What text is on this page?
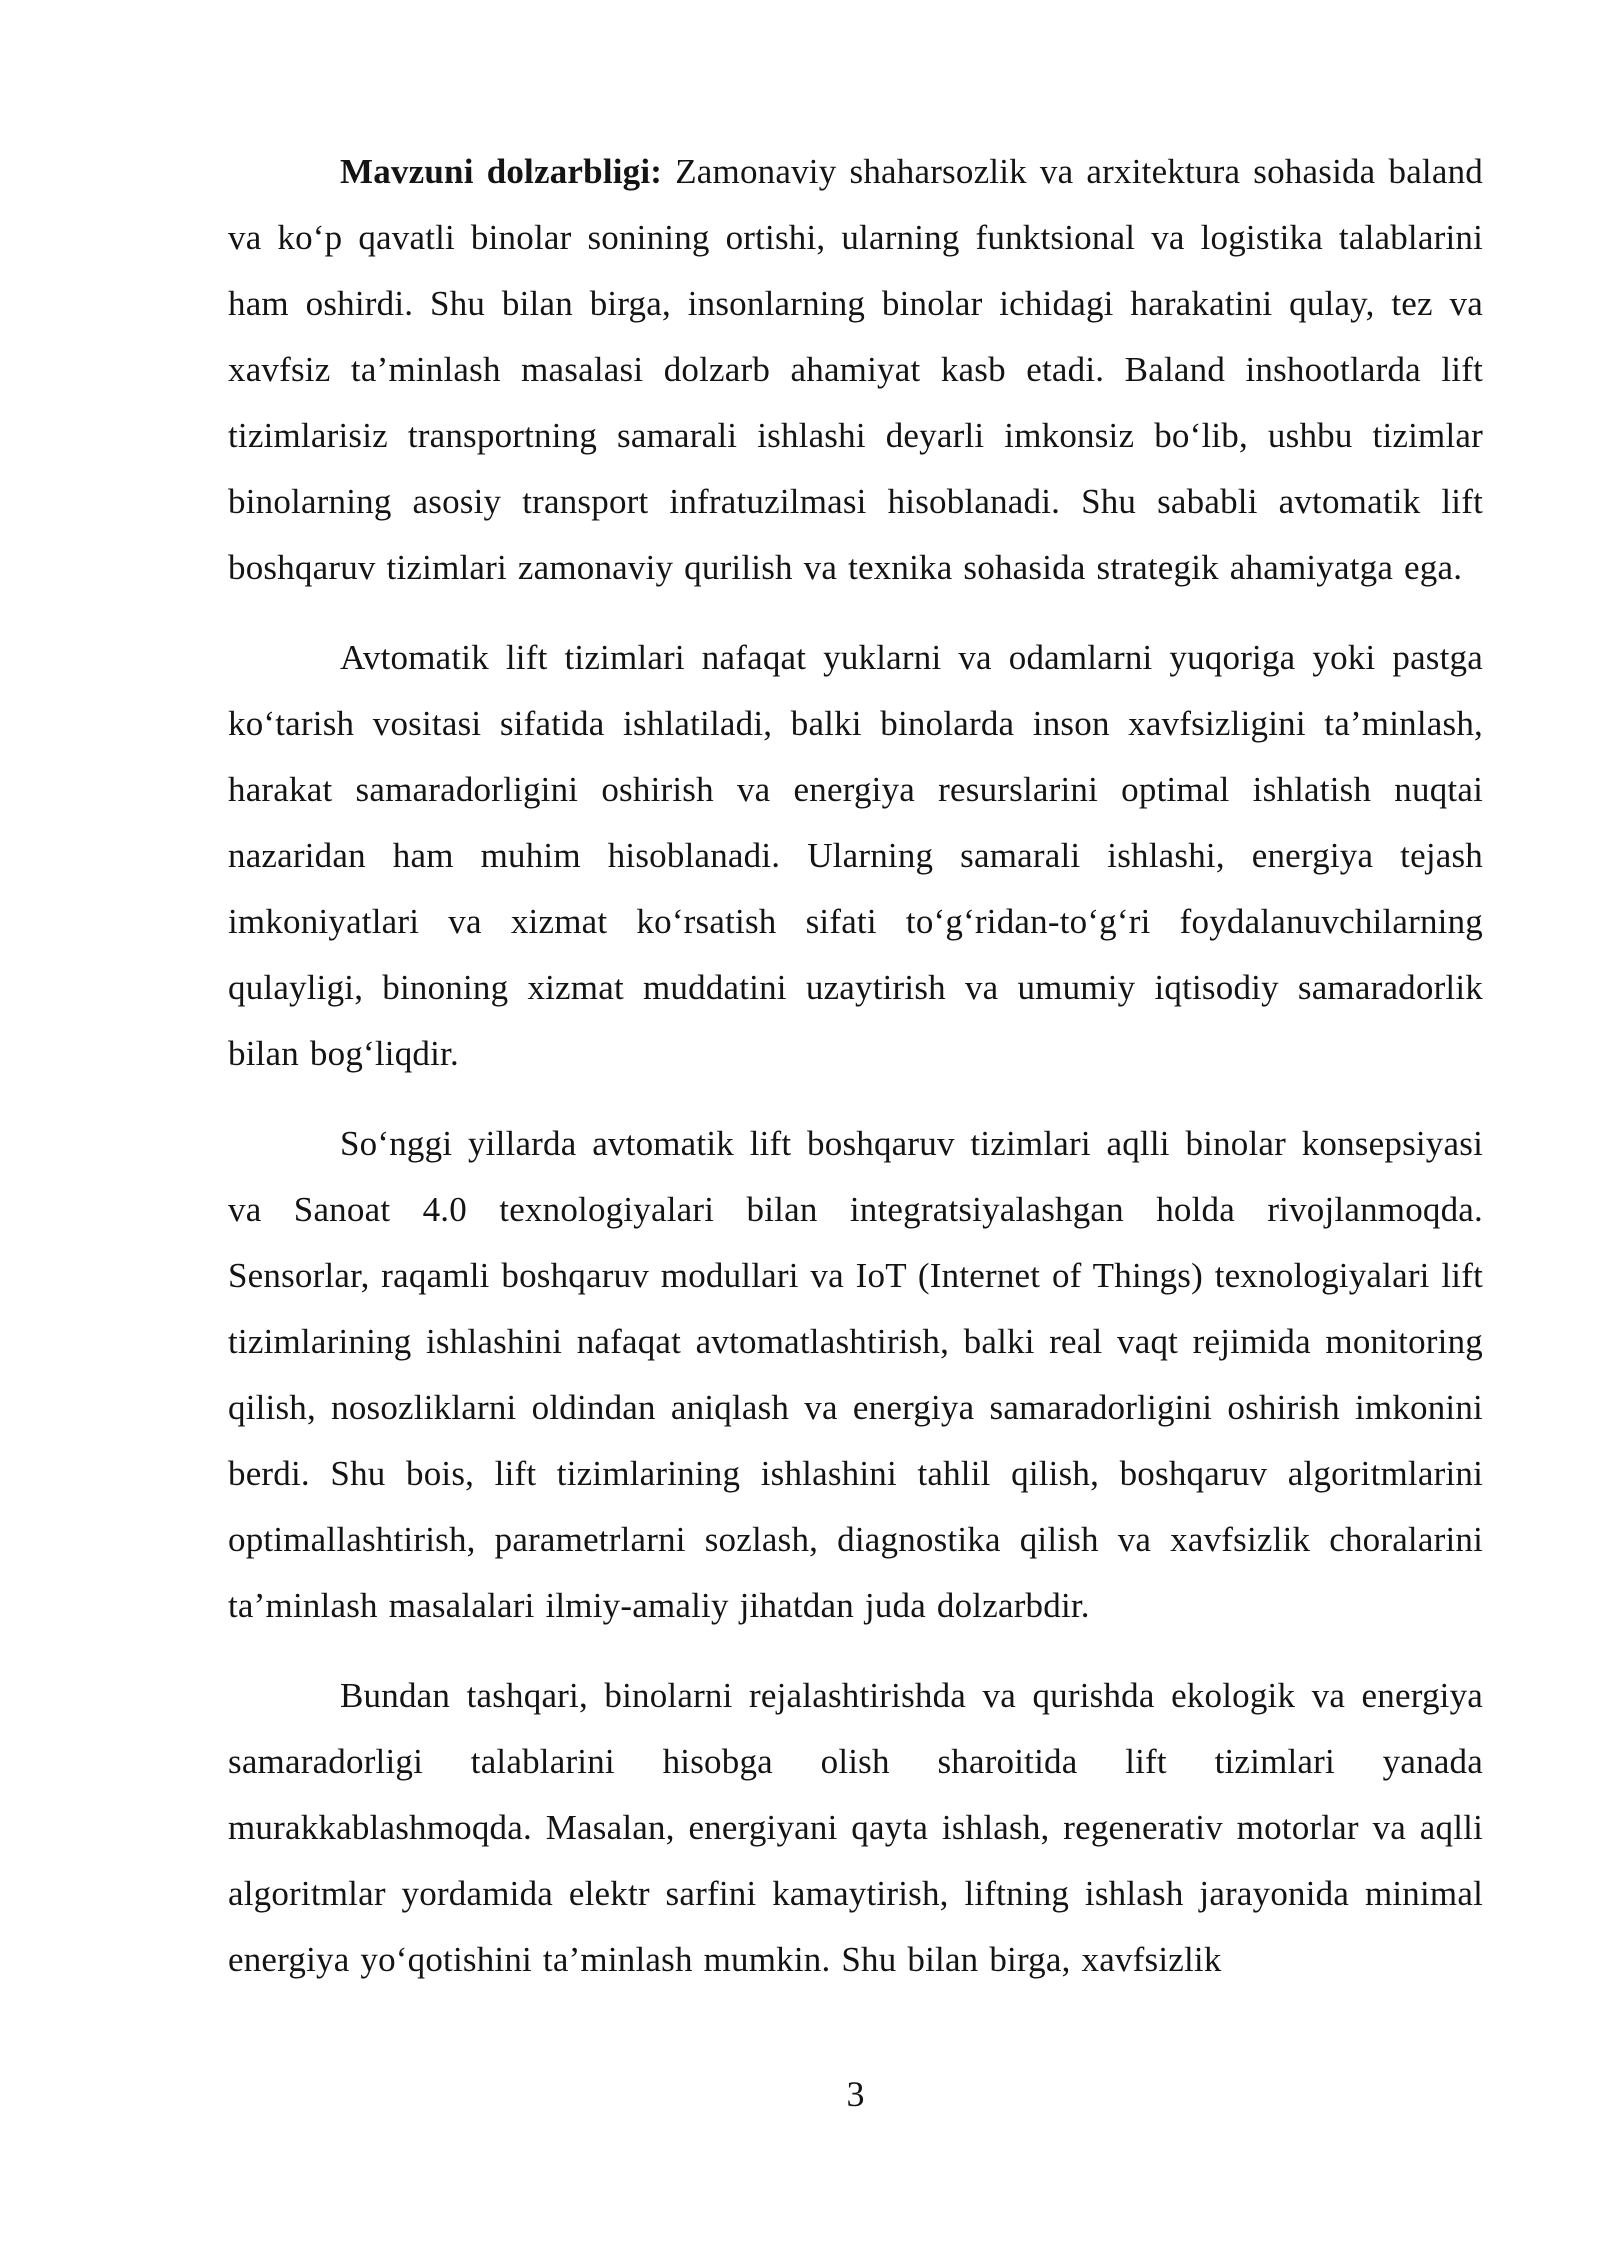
Mavzuni dolzarbligi: Zamonaviy shaharsozlik va arxitektura sohasida baland va ko‘p qavatli binolar sonining ortishi, ularning funktsional va logistika talablarini ham oshirdi. Shu bilan birga, insonlarning binolar ichidagi harakatini qulay, tez va xavfsiz ta’minlash masalasi dolzarb ahamiyat kasb etadi. Baland inshootlarda lift tizimlarisiz transportning samarali ishlashi deyarli imkonsiz bo‘lib, ushbu tizimlar binolarning asosiy transport infratuzilmasi hisoblanadi. Shu sababli avtomatik lift boshqaruv tizimlari zamonaviy qurilish va texnika sohasida strategik ahamiyatga ega.

Avtomatik lift tizimlari nafaqat yuklarni va odamlarni yuqoriga yoki pastga ko‘tarish vositasi sifatida ishlatiladi, balki binolarda inson xavfsizligini ta’minlash, harakat samaradorligini oshirish va energiya resurslarini optimal ishlatish nuqtai nazaridan ham muhim hisoblanadi. Ularning samarali ishlashi, energiya tejash imkoniyatlari va xizmat ko‘rsatish sifati to‘g‘ridan-to‘g‘ri foydalanuvchilarning qulayligi, binoning xizmat muddatini uzaytirish va umumiy iqtisodiy samaradorlik bilan bog‘liqdir.

So‘nggi yillarda avtomatik lift boshqaruv tizimlari aqlli binolar konsepsiyasi va Sanoat 4.0 texnologiyalari bilan integratsiyalashgan holda rivojlanmoqda. Sensorlar, raqamli boshqaruv modullari va IoT (Internet of Things) texnologiyalari lift tizimlarining ishlashini nafaqat avtomatlashtirish, balki real vaqt rejimida monitoring qilish, nosozliklarni oldindan aniqlash va energiya samaradorligini oshirish imkonini berdi. Shu bois, lift tizimlarining ishlashini tahlil qilish, boshqaruv algoritmlarini optimallashtirish, parametrlarni sozlash, diagnostika qilish va xavfsizlik choralarini ta’minlash masalalari ilmiy-amaliy jihatdan juda dolzarbdir.

Bundan tashqari, binolarni rejalashtirishda va qurishda ekologik va energiya samaradorligi talablarini hisobga olish sharoitida lift tizimlari yanada murakkablashmoqda. Masalan, energiyani qayta ishlash, regenerativ motorlar va aqlli algoritmlar yordamida elektr sarfini kamaytirish, liftning ishlash jarayonida minimal energiya yo‘qotishini ta’minlash mumkin. Shu bilan birga, xavfsizlik

3
